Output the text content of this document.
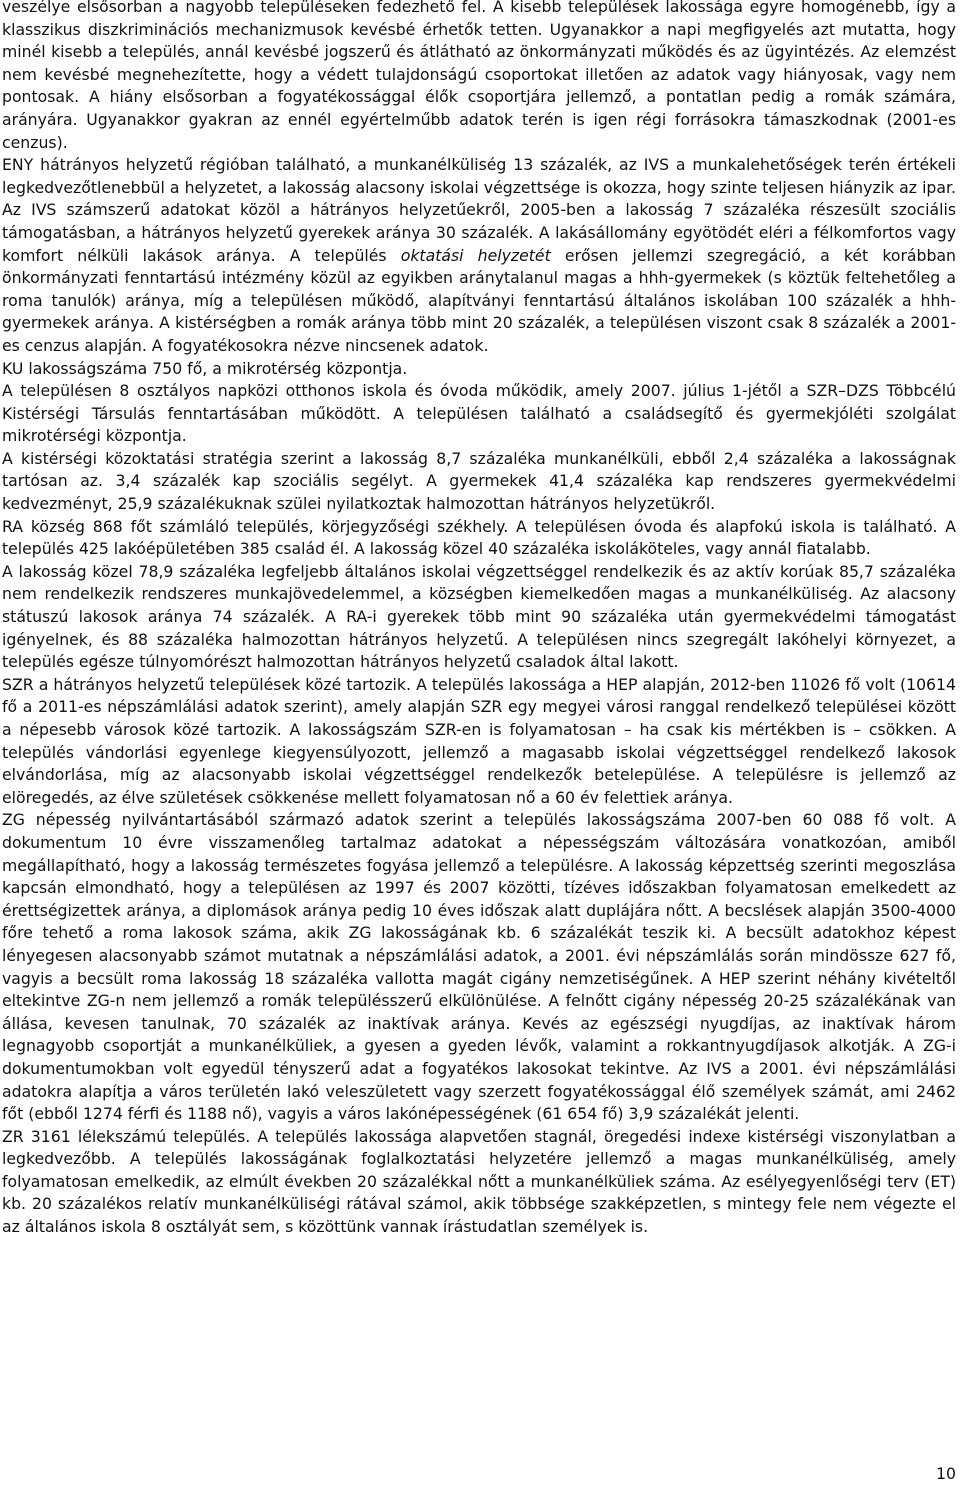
veszélye elsősorban a nagyobb településeken fedezhető fel. A kisebb települések lakossága egyre homogénebb, így a klasszikus diszkriminációs mechanizmusok kevésbé érhetők tetten. Ugyanakkor a napi megfigyelés azt mutatta, hogy minél kisebb a település, annál kevésbé jogszerű és átlátható az önkormányzati működés és az ügyintézés. Az elemzést nem kevésbé megnehezítette, hogy a védett tulajdonságú csoportokat illetően az adatok vagy hiányosak, vagy nem pontosak. A hiány elsősorban a fogyatékossággal élők csoportjára jellemző, a pontatlan pedig a romák számára, arányára. Ugyanakkor gyakran az ennél egyértelműbb adatok terén is igen régi forrásokra támaszkodnak (2001-es cenzus).

ENY hátrányos helyzetű régióban található, a munkanélküliség 13 százalék, az IVS a munkalehetőségek terén értékeli legkedvezőtlenebbül a helyzetet, a lakosság alacsony iskolai végzettsége is okozza, hogy szinte teljesen hiányzik az ipar. Az IVS számszerű adatokat közöl a hátrányos helyzetűekről, 2005-ben a lakosság 7 százaléka részesült szociális támogatásban, a hátrányos helyzetű gyerekek aránya 30 százalék. A lakásállomány egyötödét eléri a félkomfortos vagy komfort nélküli lakások aránya. A település oktatási helyzetét erősen jellemzi szegregáció, a két korábban önkormányzati fenntartású intézmény közül az egyikben aránytalanul magas a hhh-gyermekek (s köztük feltehetőleg a roma tanulók) aránya, míg a településen működő, alapítványi fenntartású általános iskolában 100 százalék a hhh-gyermekek aránya. A kistérségben a romák aránya több mint 20 százalék, a településen viszont csak 8 százalék a 2001-es cenzus alapján. A fogyatékosokra nézve nincsenek adatok.

KU lakosságszáma 750 fő, a mikrotérség központja.

A településen 8 osztályos napközi otthonos iskola és óvoda működik, amely 2007. július 1-jétől a SZR–DZS Többcélú Kistérségi Társulás fenntartásában működött. A településen található a családsegítő és gyermekjóléti szolgálat mikrotérségi központja.

A kistérségi közoktatási stratégia szerint a lakosság 8,7 százaléka munkanélküli, ebből 2,4 százaléka a lakosságnak tartósan az. 3,4 százalék kap szociális segélyt. A gyermekek 41,4 százaléka kap rendszeres gyermekvédelmi kedvezményt, 25,9 százalékuknak szülei nyilatkoztak halmozottan hátrányos helyzetükről.

RA község 868 főt számláló település, körjegyzőségi székhely. A településen óvoda és alapfokú iskola is található. A település 425 lakóépületében 385 család él. A lakosság közel 40 százaléka iskoláköteles, vagy annál fiatalabb.

A lakosság közel 78,9 százaléka legfeljebb általános iskolai végzettséggel rendelkezik és az aktív korúak 85,7 százaléka nem rendelkezik rendszeres munkajövedelemmel, a községben kiemelkedően magas a munkanélküliség. Az alacsony státuszú lakosok aránya 74 százalék. A RA-i gyerekek több mint 90 százaléka után gyermekvédelmi támogatást igényelnek, és 88 százaléka halmozottan hátrányos helyzetű. A településen nincs szegregált lakóhelyi környezet, a település egésze túlnyomórészt halmozottan hátrányos helyzetű csaladok által lakott.

SZR a hátrányos helyzetű települések közé tartozik. A település lakossága a HEP alapján, 2012-ben 11026 fő volt (10614 fő a 2011-es népszámlálási adatok szerint), amely alapján SZR egy megyei városi ranggal rendelkező települései között a népesebb városok közé tartozik. A lakosságszám SZR-en is folyamatosan – ha csak kis mértékben is – csökken. A település vándorlási egyenlege kiegyensúlyozott, jellemző a magasabb iskolai végzettséggel rendelkező lakosok elvándorlása, míg az alacsonyabb iskolai végzettséggel rendelkezők betelepülése. A településre is jellemző az elöregedés, az élve születések csökkenése mellett folyamatosan nő a 60 év felettiek aránya.

ZG népesség nyilvántartásából származó adatok szerint a település lakosságszáma 2007-ben 60 088 fő volt. A dokumentum 10 évre visszamenőleg tartalmaz adatokat a népességszám változására vonatkozóan, amiből megállapítható, hogy a lakosság természetes fogyása jellemző a településre. A lakosság képzettség szerinti megoszlása kapcsán elmondható, hogy a településen az 1997 és 2007 közötti, tízéves időszakban folyamatosan emelkedett az érettségizettek aránya, a diplomások aránya pedig 10 éves időszak alatt duplájára nőtt. A becslések alapján 3500-4000 főre tehető a roma lakosok száma, akik ZG lakosságának kb. 6 százalékát teszik ki. A becsült adatokhoz képest lényegesen alacsonyabb számot mutatnak a népszámlálási adatok, a 2001. évi népszámlálás során mindössze 627 fő, vagyis a becsült roma lakosság 18 százaléka vallotta magát cigány nemzetiségűnek. A HEP szerint néhány kivételtől eltekintve ZG-n nem jellemző a romák településszerű elkülönülése. A felnőtt cigány népesség 20-25 százalékának van állása, kevesen tanulnak, 70 százalék az inaktívak aránya. Kevés az egészségi nyugdíjas, az inaktívak három legnagyobb csoportját a munkanélküliek, a gyesen a gyeden lévők, valamint a rokkantnyugdíjasok alkotják. A ZG-i dokumentumokban volt egyedül tényszerű adat a fogyatékos lakosokat tekintve. Az IVS a 2001. évi népszámlálási adatokra alapítja a város területén lakó veleszületett vagy szerzett fogyatékossággal élő személyek számát, ami 2462 főt (ebből 1274 férfi és 1188 nő), vagyis a város lakónépességének (61 654 fő) 3,9 százalékát jelenti.

ZR 3161 lélekszámú település. A település lakossága alapvetően stagnál, öregedési indexe kistérségi viszonylatban a legkedvezőbb. A település lakosságának foglalkoztatási helyzetére jellemző a magas munkanélküliség, amely folyamatosan emelkedik, az elmúlt években 20 százalékkal nőtt a munkanélküliek száma. Az esélyegyenlőségi terv (ET) kb. 20 százalékos relatív munkanélküliségi rátával számol, akik többsége szakképzetlen, s mintegy fele nem végezte el az általános iskola 8 osztályát sem, s közöttünk vannak írástudatlan személyek is.

10
